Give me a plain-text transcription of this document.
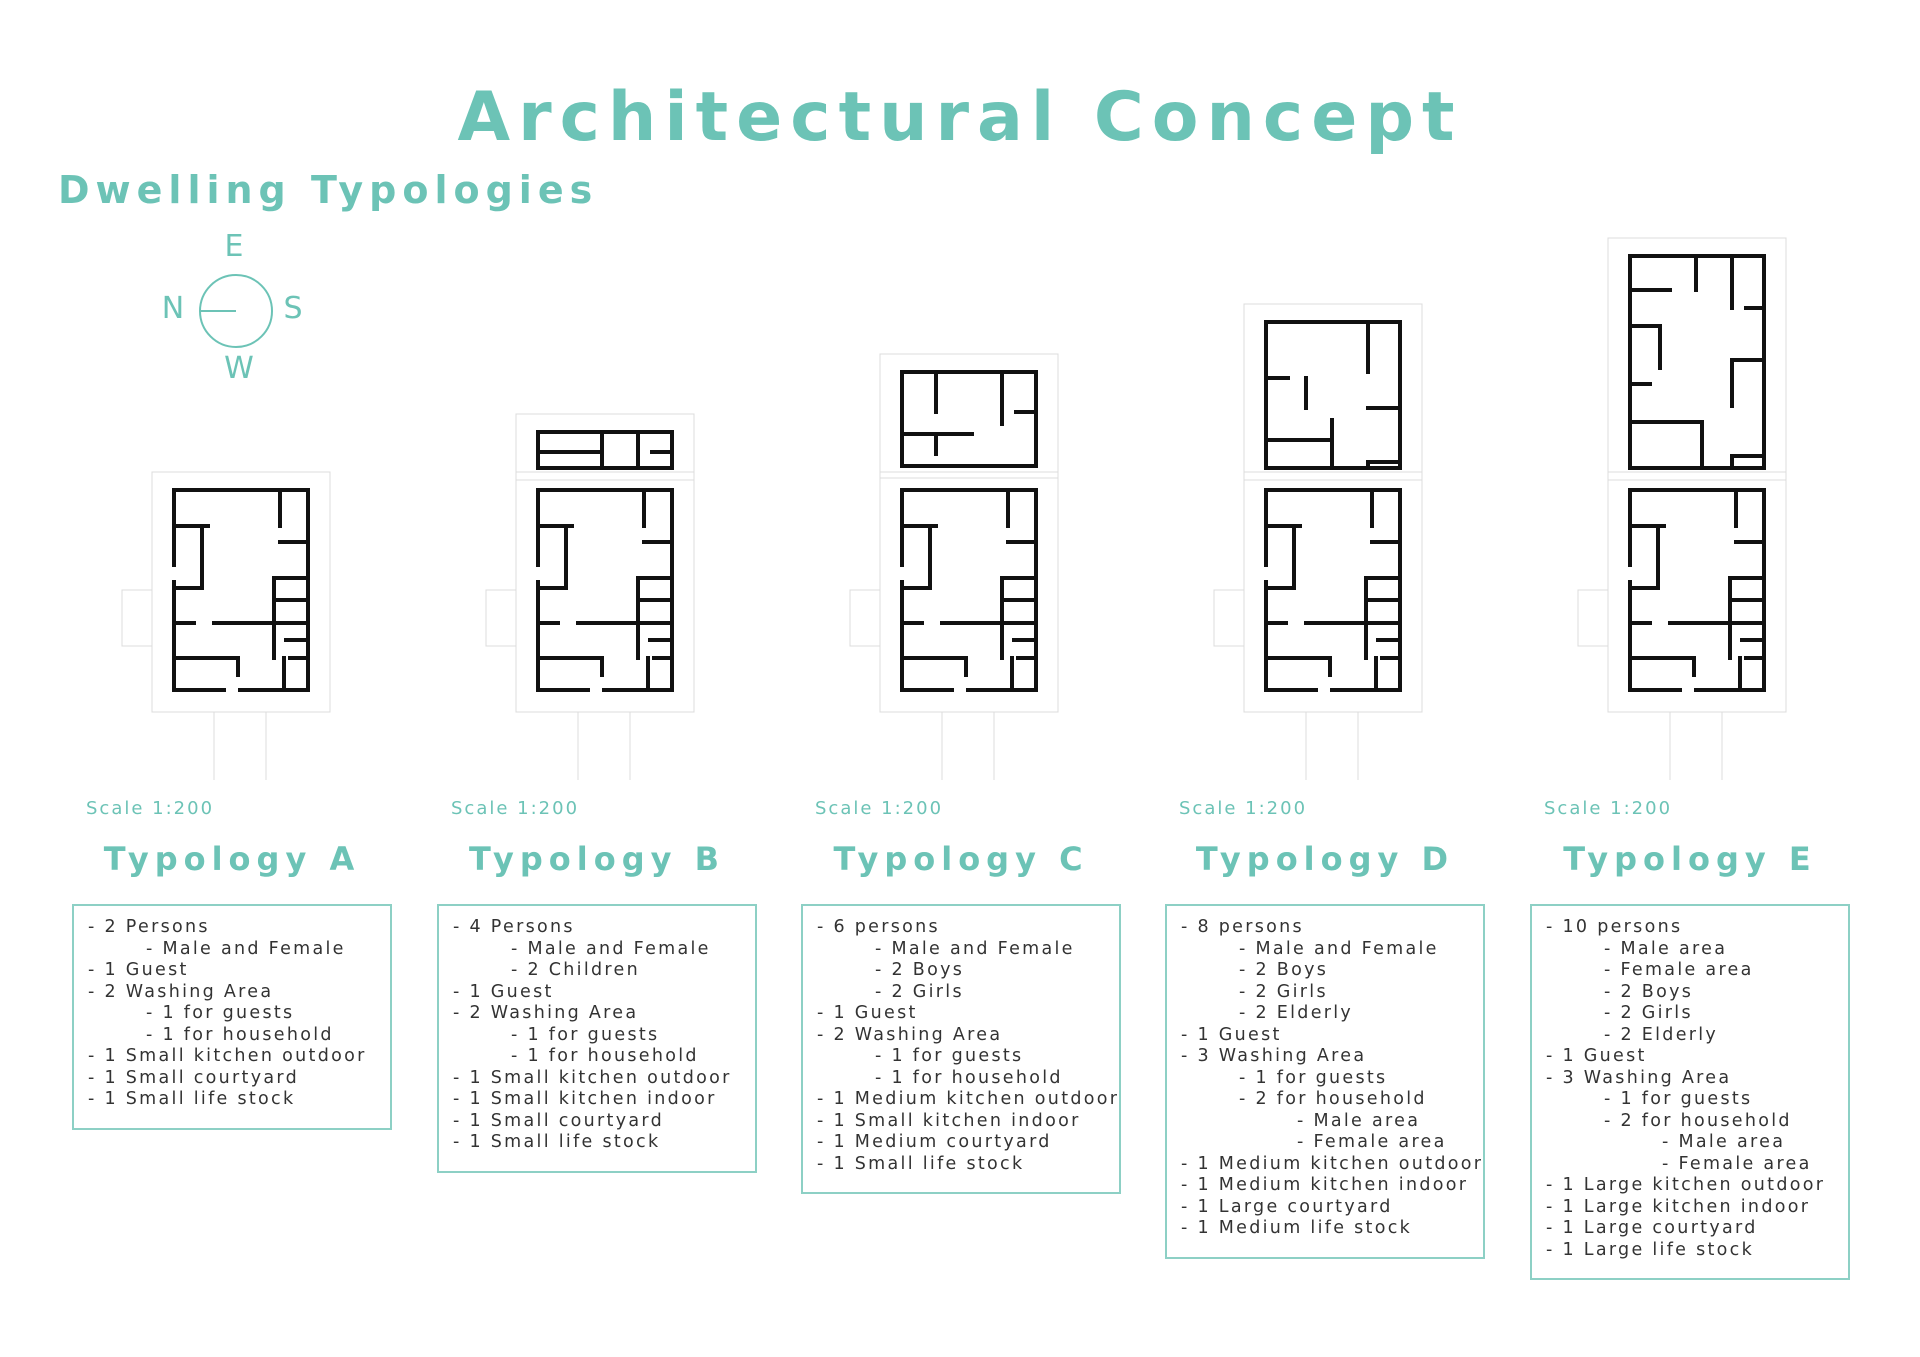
Architectural Concept
Dwelling Typologies
E
N	S
W
Scale 1:200
Typology A
- 2 Persons
- Male and Female
- 1 Guest
- 2 Washing Area
- 1 for guests
- 1 for household
- 1 Small kitchen outdoor
- 1 Small courtyard
- 1 Small life stock
Scale 1:200
Typology B
- 4 Persons
- Male and Female
- 2 Children
- 1 Guest
- 2 Washing Area
- 1 for guests
- 1 for household
- 1 Small kitchen outdoor
- 1 Small kitchen indoor
- 1 Small courtyard
- 1 Small life stock
Scale 1:200
Typology C
- 6 persons
- Male and Female
- 2 Boys
- 2 Girls
- 1 Guest
- 2 Washing Area
- 1 for guests
- 1 for household
- 1 Medium kitchen outdoor
- 1 Small kitchen indoor
- 1 Medium courtyard
- 1 Small life stock
Scale 1:200
Typology D
- 8 persons
- Male and Female
- 2 Boys
- 2 Girls
- 2 Elderly
- 1 Guest
- 3 Washing Area
- 1 for guests
- 2 for household
- Male area
- Female area
- 1 Medium kitchen outdoor
- 1 Medium kitchen indoor
- 1 Large courtyard
- 1 Medium life stock
Scale 1:200
Typology E
- 10 persons
- Male area
- Female area
- 2 Boys
- 2 Girls
- 2 Elderly
- 1 Guest
- 3 Washing Area
- 1 for guests
- 2 for household
- Male area
- Female area
- 1 Large kitchen outdoor
- 1 Large kitchen indoor
- 1 Large courtyard
- 1 Large life stock
